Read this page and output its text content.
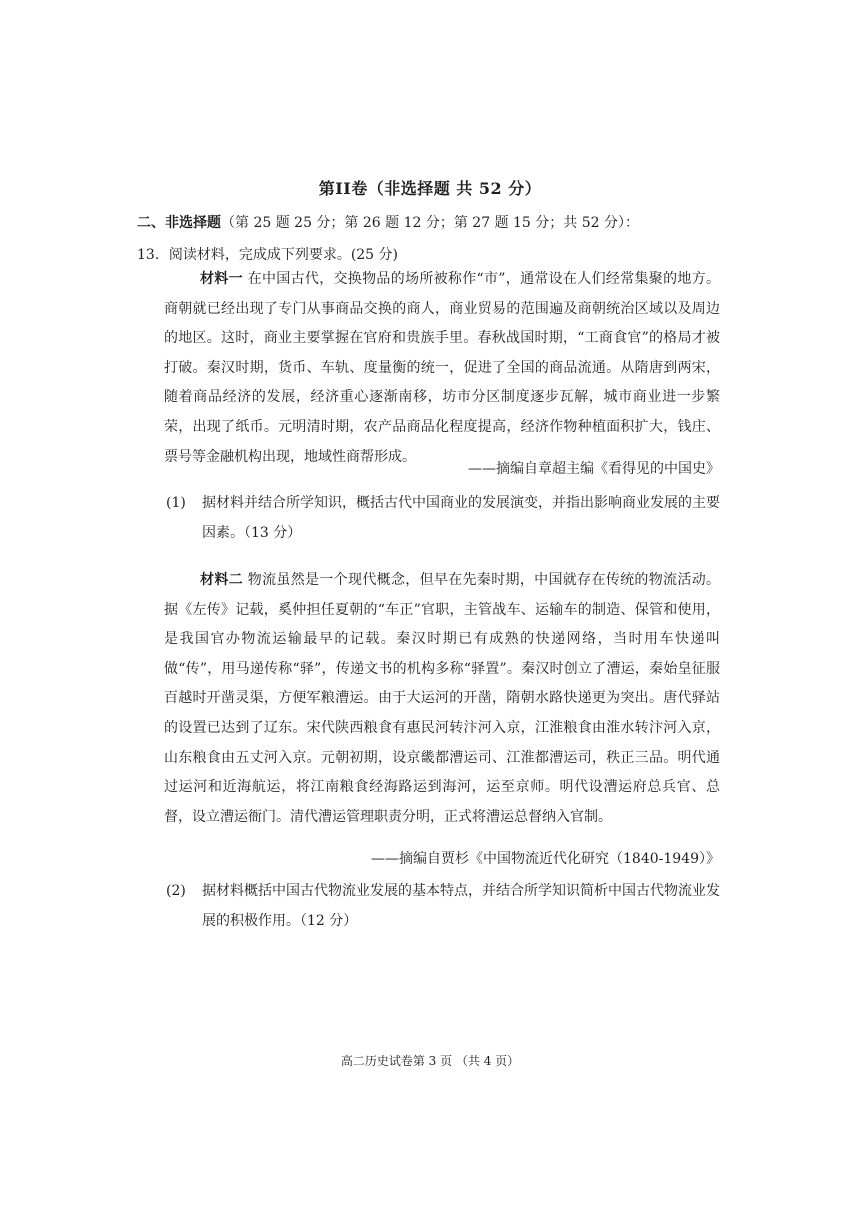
第II卷（非选择题 共 52 分）
二、非选择题（第 25 题 25 分；第 26 题 12 分；第 27 题 15 分；共 52 分）：
13．阅读材料，完成成下列要求。(25 分)
材料一 在中国古代，交换物品的场所被称作“市”，通常设在人们经常集聚的地方。商朝就已经出现了专门从事商品交换的商人，商业贸易的范围遍及商朝统治区域以及周边的地区。这时，商业主要掌握在官府和贵族手里。春秋战国时期，“工商食官”的格局才被打破。秦汉时期，货币、车轨、度量衡的统一，促进了全国的商品流通。从隋唐到两宋，随着商品经济的发展，经济重心逐渐南移，坊市分区制度逐步瓦解，城市商业进一步繁荣，出现了纸币。元明清时期，农产品商品化程度提高，经济作物种植面积扩大，钱庄、票号等金融机构出现，地域性商帮形成。
——摘编自章超主编《看得见的中国史》
(1) 据材料并结合所学知识，概括古代中国商业的发展演变，并指出影响商业发展的主要因素。（13 分）
材料二 物流虽然是一个现代概念，但早在先秦时期，中国就存在传统的物流活动。据《左传》记载，奚仲担任夏朝的“车正”官职，主管战车、运输车的制造、保管和使用，是我国官办物流运输最早的记载。秦汉时期已有成熟的快递网络，当时用车快递叫做“传”，用马递传称“驿”，传递文书的机构多称“驿置”。秦汉时创立了漕运，秦始皇征服百越时开凿灵渠，方便军粮漕运。由于大运河的开凿，隋朝水路快递更为突出。唐代驿站的设置已达到了辽东。宋代陕西粮食有惠民河转汴河入京，江淮粮食由淮水转汴河入京，山东粮食由五丈河入京。元朝初期，设京畿都漕运司、江淮都漕运司，秩正三品。明代通过运河和近海航运，将江南粮食经海路运到海河，运至京师。明代设漕运府总兵官、总督，设立漕运衙门。清代漕运管理职责分明，正式将漕运总督纳入官制。
——摘编自贾杉《中国物流近代化研究（1840-1949）》
(2) 据材料概括中国古代物流业发展的基本特点，并结合所学知识简析中国古代物流业发展的积极作用。（12 分）
高二历史试卷第 3 页 （共 4 页）
